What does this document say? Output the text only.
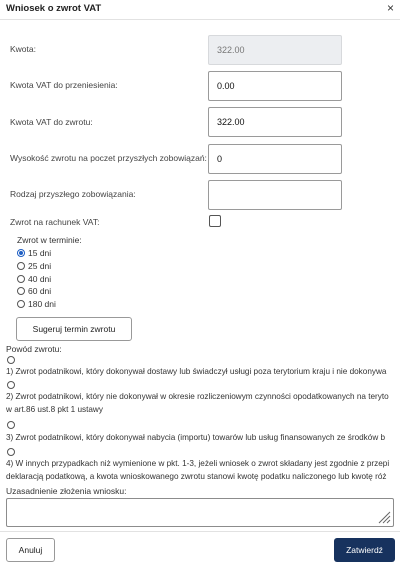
Wniosek o zwrot VAT	×
Kwota:	322.00
Kwota VAT do przeniesienia:	0.00
Kwota VAT do zwrotu:	322.00
Wysokość zwrotu na poczet przyszłych zobowiązań:	0
Rodzaj przyszłego zobowiązania:
Zwrot na rachunek VAT:
Zwrot w terminie:
15 dni
25 dni
40 dni
60 dni
180 dni
Sugeruj termin zwrotu
Powód zwrotu:
1) Zwrot podatnikowi, który dokonywał dostawy lub świadczył usługi poza terytorium kraju i nie dokonywa
2) Zwrot podatnikowi, który nie dokonywał w okresie rozliczeniowym czynności opodatkowanych na teryto
w art.86 ust.8 pkt 1 ustawy
3) Zwrot podatnikowi, który dokonywał nabycia (importu) towarów lub usług finansowanych ze środków b
4) W innych przypadkach niż wymienione w pkt. 1-3, jeżeli wniosek o zwrot składany jest zgodnie z przepi
deklaracją podatkową, a kwota wnioskowanego zwrotu stanowi kwotę podatku naliczonego lub kwotę róż
Uzasadnienie złożenia wniosku:
Anuluj	Zatwierdź
